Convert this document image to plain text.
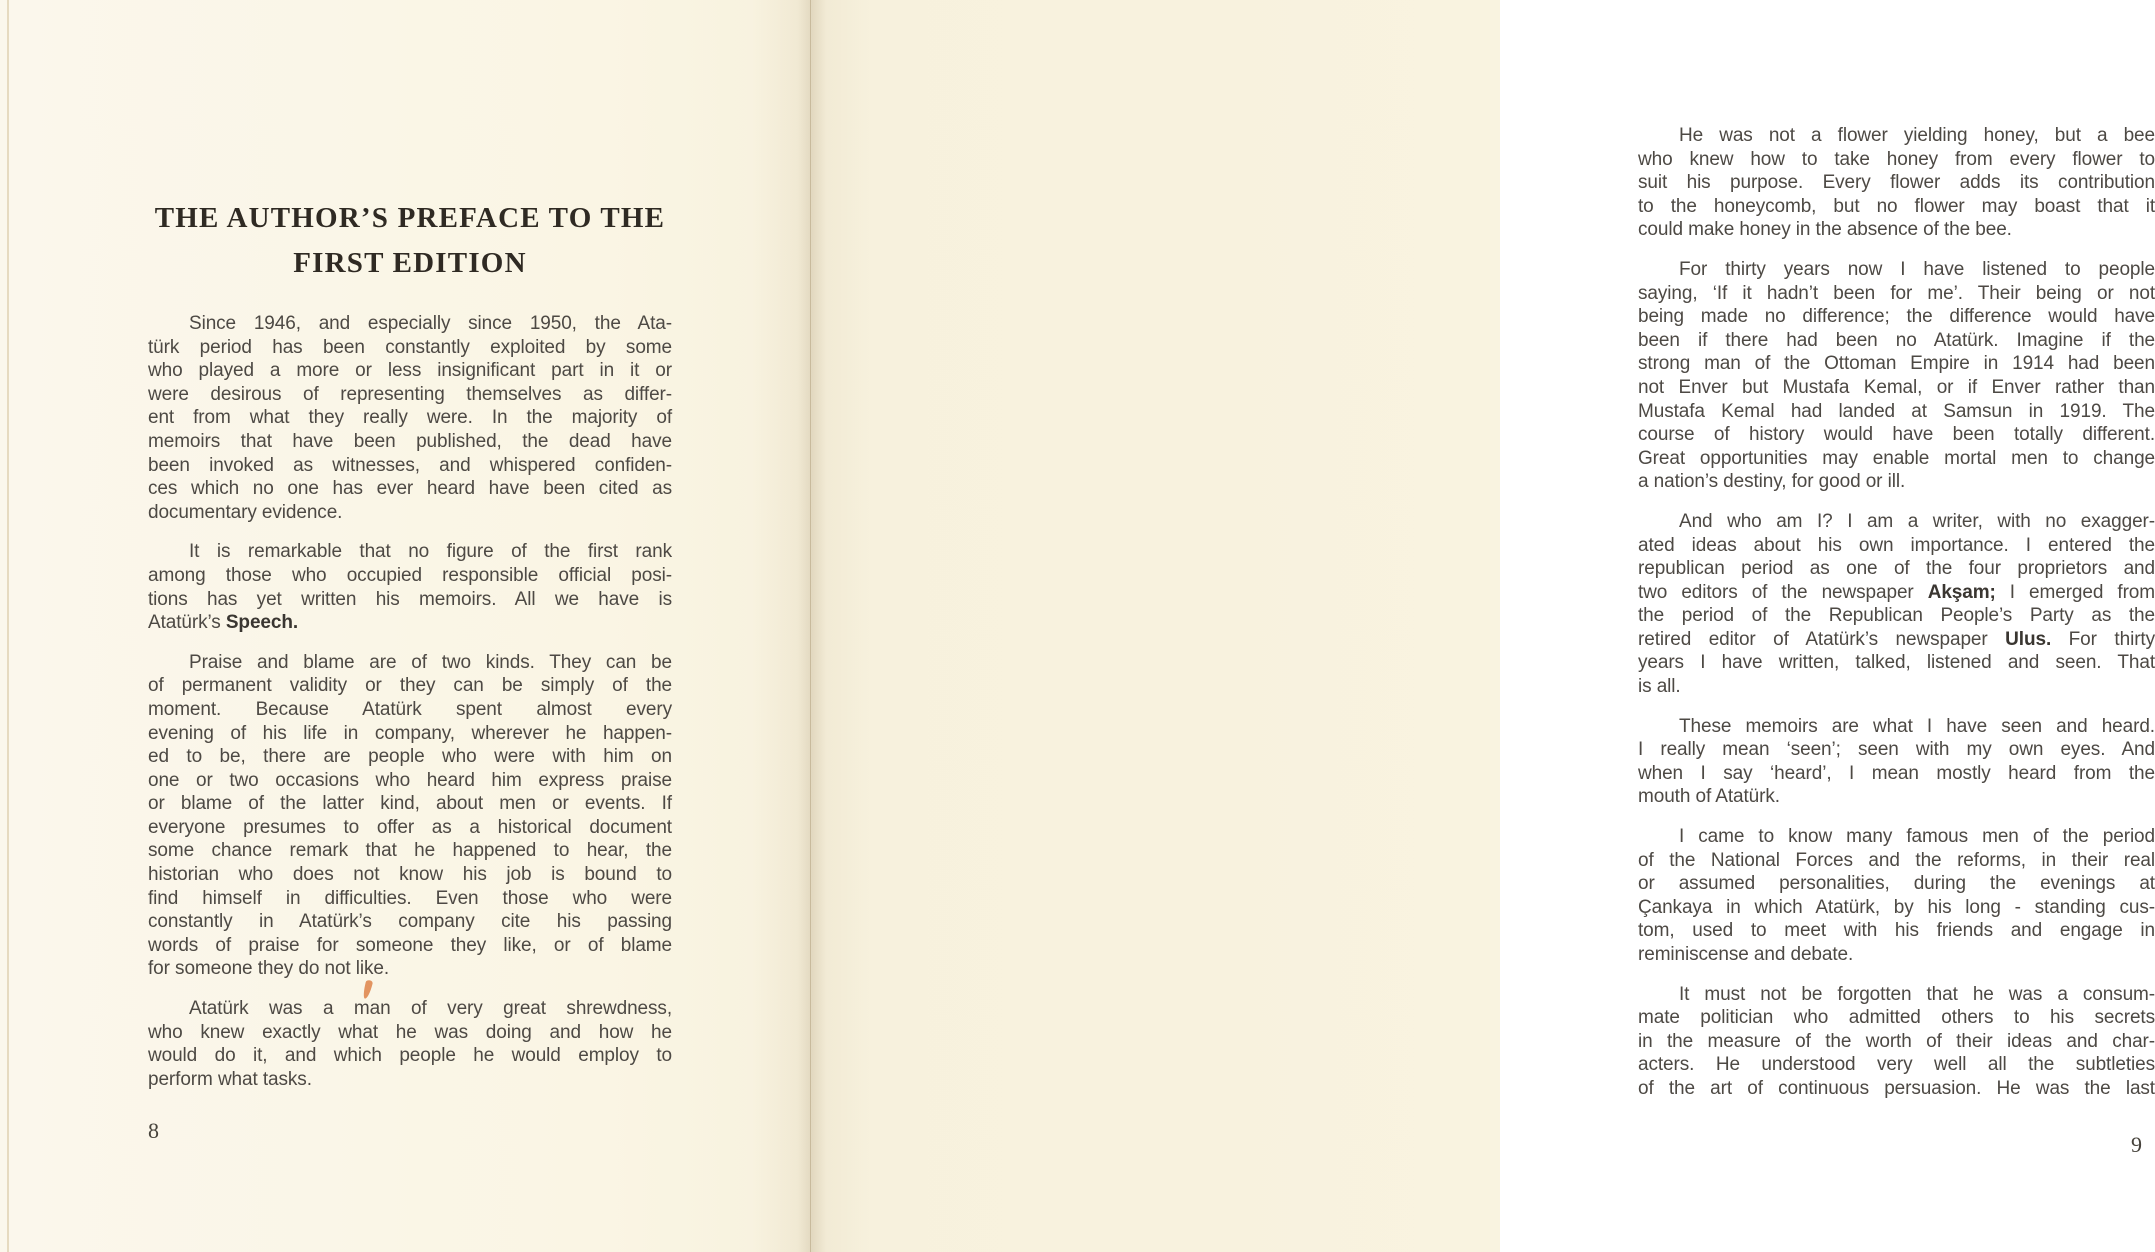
THE AUTHOR’S PREFACE TO THE
FIRST EDITION
Since 1946, and especially since 1950, the Ata-
türk period has been constantly exploited by some
who played a more or less insignificant part in it or
were desirous of representing themselves as differ-
ent from what they really were. In the majority of
memoirs that have been published, the dead have
been invoked as witnesses, and whispered confiden-
ces which no one has ever heard have been cited as
documentary evidence.
It is remarkable that no figure of the first rank
among those who occupied responsible official posi-
tions has yet written his memoirs. All we have is
Atatürk’s Speech.
Praise and blame are of two kinds. They can be
of permanent validity or they can be simply of the
moment. Because Atatürk spent almost every
evening of his life in company, wherever he happen-
ed to be, there are people who were with him on
one or two occasions who heard him express praise
or blame of the latter kind, about men or events. If
everyone presumes to offer as a historical document
some chance remark that he happened to hear, the
historian who does not know his job is bound to
find himself in difficulties. Even those who were
constantly in Atatürk’s company cite his passing
words of praise for someone they like, or of blame
for someone they do not like.
Atatürk was a man of very great shrewdness,
who knew exactly what he was doing and how he
would do it, and which people he would employ to
perform what tasks.
8
He was not a flower yielding honey, but a bee
who knew how to take honey from every flower to
suit his purpose. Every flower adds its contribution
to the honeycomb, but no flower may boast that it
could make honey in the absence of the bee.
For thirty years now I have listened to people
saying, ‘If it hadn’t been for me’. Their being or not
being made no difference; the difference would have
been if there had been no Atatürk. Imagine if the
strong man of the Ottoman Empire in 1914 had been
not Enver but Mustafa Kemal, or if Enver rather than
Mustafa Kemal had landed at Samsun in 1919. The
course of history would have been totally different.
Great opportunities may enable mortal men to change
a nation’s destiny, for good or ill.
And who am I? I am a writer, with no exagger-
ated ideas about his own importance. I entered the
republican period as one of the four proprietors and
two editors of the newspaper Akşam; I emerged from
the period of the Republican People’s Party as the
retired editor of Atatürk’s newspaper Ulus. For thirty
years I have written, talked, listened and seen. That
is all.
These memoirs are what I have seen and heard.
I really mean ‘seen’; seen with my own eyes. And
when I say ‘heard’, I mean mostly heard from the
mouth of Atatürk.
I came to know many famous men of the period
of the National Forces and the reforms, in their real
or assumed personalities, during the evenings at
Çankaya in which Atatürk, by his long - standing cus-
tom, used to meet with his friends and engage in
reminiscense and debate.
It must not be forgotten that he was a consum-
mate politician who admitted others to his secrets
in the measure of the worth of their ideas and char-
acters. He understood very well all the subtleties
of the art of continuous persuasion. He was the last
9
